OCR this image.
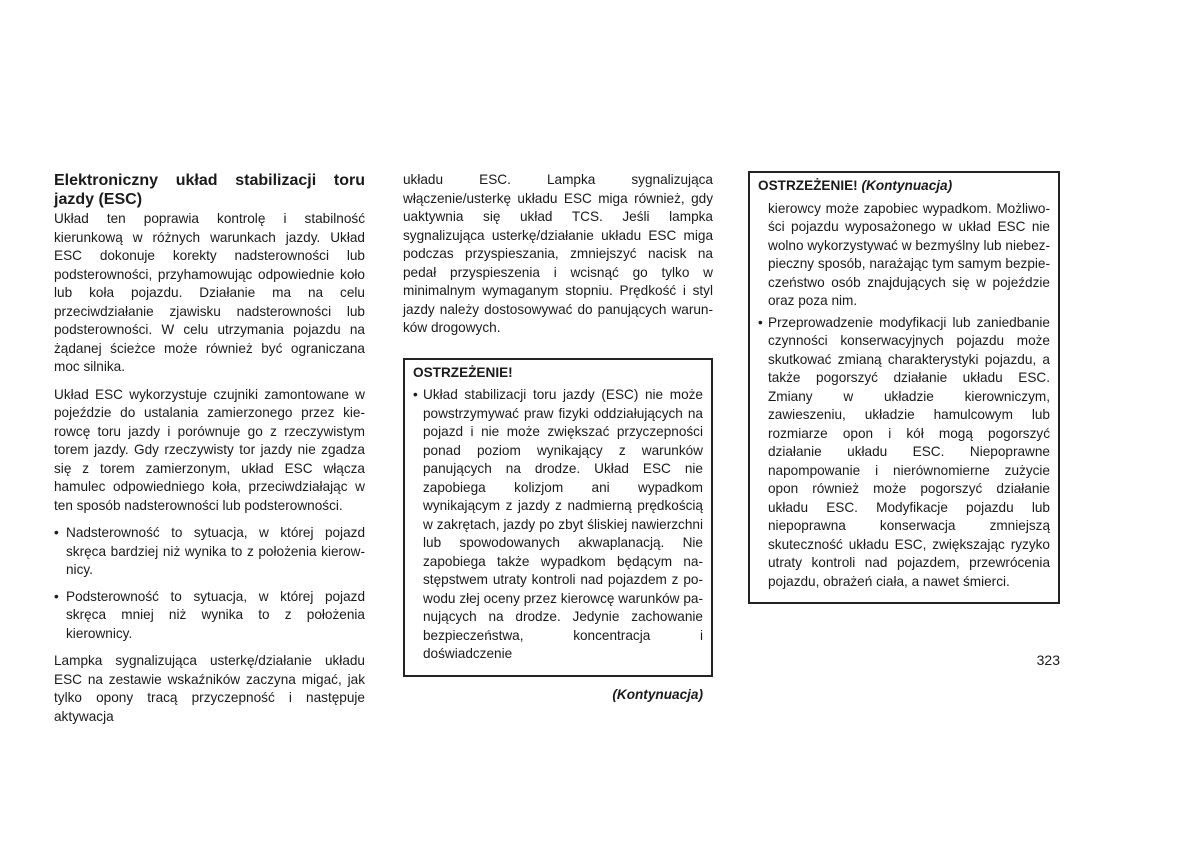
Elektroniczny układ stabilizacji toru jazdy (ESC)

Układ ten poprawia kontrolę i stabilność kierunkową w różnych warunkach jazdy. Układ ESC dokonuje korekty nadsterowności lub podsterowności, przyhamowując odpowiednie koło lub koła pojazdu. Działanie ma na celu przeciwdziałanie zjawisku nadsterowności lub podsterowności. W celu utrzymania pojazdu na żądanej ścieżce może również być ograniczana moc silnika.

Układ ESC wykorzystuje czujniki zamontowane w pojeździe do ustalania zamierzonego przez kierowcę toru jazdy i porównuje go z rzeczywistym torem jazdy. Gdy rzeczywisty tor jazdy nie zgadza się z torem zamierzonym, układ ESC włącza hamulec odpowiedniego koła, przeciwdziałając w ten sposób nadsterowności lub podsterowności.

• Nadsterowność to sytuacja, w której pojazd skręca bardziej niż wynika to z położenia kierownicy.
• Podsterowność to sytuacja, w której pojazd skręca mniej niż wynika to z położenia kierownicy.

Lampka sygnalizująca usterkę/działanie układu ESC na zestawie wskaźników zaczyna migać, jak tylko opony tracą przyczepność i następuje aktywacja

układu ESC. Lampka sygnalizująca włączenie/usterkę układu ESC miga również, gdy uaktywnia się układ TCS. Jeśli lampka sygnalizująca usterkę/działanie układu ESC miga podczas przyspieszania, zmniejszyć nacisk na pedał przyspieszenia i wcisnąć go tylko w minimalnym wymaganym stopniu. Prędkość i styl jazdy należy dostosowywać do panujących warunków drogowych.

OSTRZEŻENIE!
• Układ stabilizacji toru jazdy (ESC) nie może powstrzymywać praw fizyki oddziałujących na pojazd i nie może zwiększać przyczepności ponad poziom wynikający z warunków panujących na drodze. Układ ESC nie zapobiega kolizjom ani wypadkom wynikającym z jazdy z nadmierną prędkością w zakrętach, jazdy po zbyt śliskiej nawierzchni lub spowodowanych akwaplanacją. Nie zapobiega także wypadkom będącym następstwem utraty kontroli nad pojazdem z powodu złej oceny przez kierowcę warunków panujących na drodze. Jedynie zachowanie bezpieczeństwa, koncentracja i doświadczenie
(Kontynuacja)
OSTRZEŻENIE! (Kontynuacja)
kierowcy może zapobiec wypadkom. Możliwości pojazdu wyposażonego w układ ESC nie wolno wykorzystywać w bezmyślny lub niebezpieczny sposób, narażając tym samym bezpieczeństwo osób znajdujących się w pojeździe oraz poza nim.
• Przeprowadzenie modyfikacji lub zaniedbanie czynności konserwacyjnych pojazdu może skutkować zmianą charakterystyki pojazdu, a także pogorszyć działanie układu ESC. Zmiany w układzie kierowniczym, zawieszeniu, układzie hamulcowym lub rozmiarze opon i kół mogą pogorszyć działanie układu ESC. Niepoprawne napompowanie i nierównomierne zużycie opon również może pogorszyć działanie układu ESC. Modyfikacje pojazdu lub niepoprawna konserwacja zmniejszą skuteczność układu ESC, zwiększając ryzyko utraty kontroli nad pojazdem, przewrócenia pojazdu, obrażeń ciała, a nawet śmierci.
323
